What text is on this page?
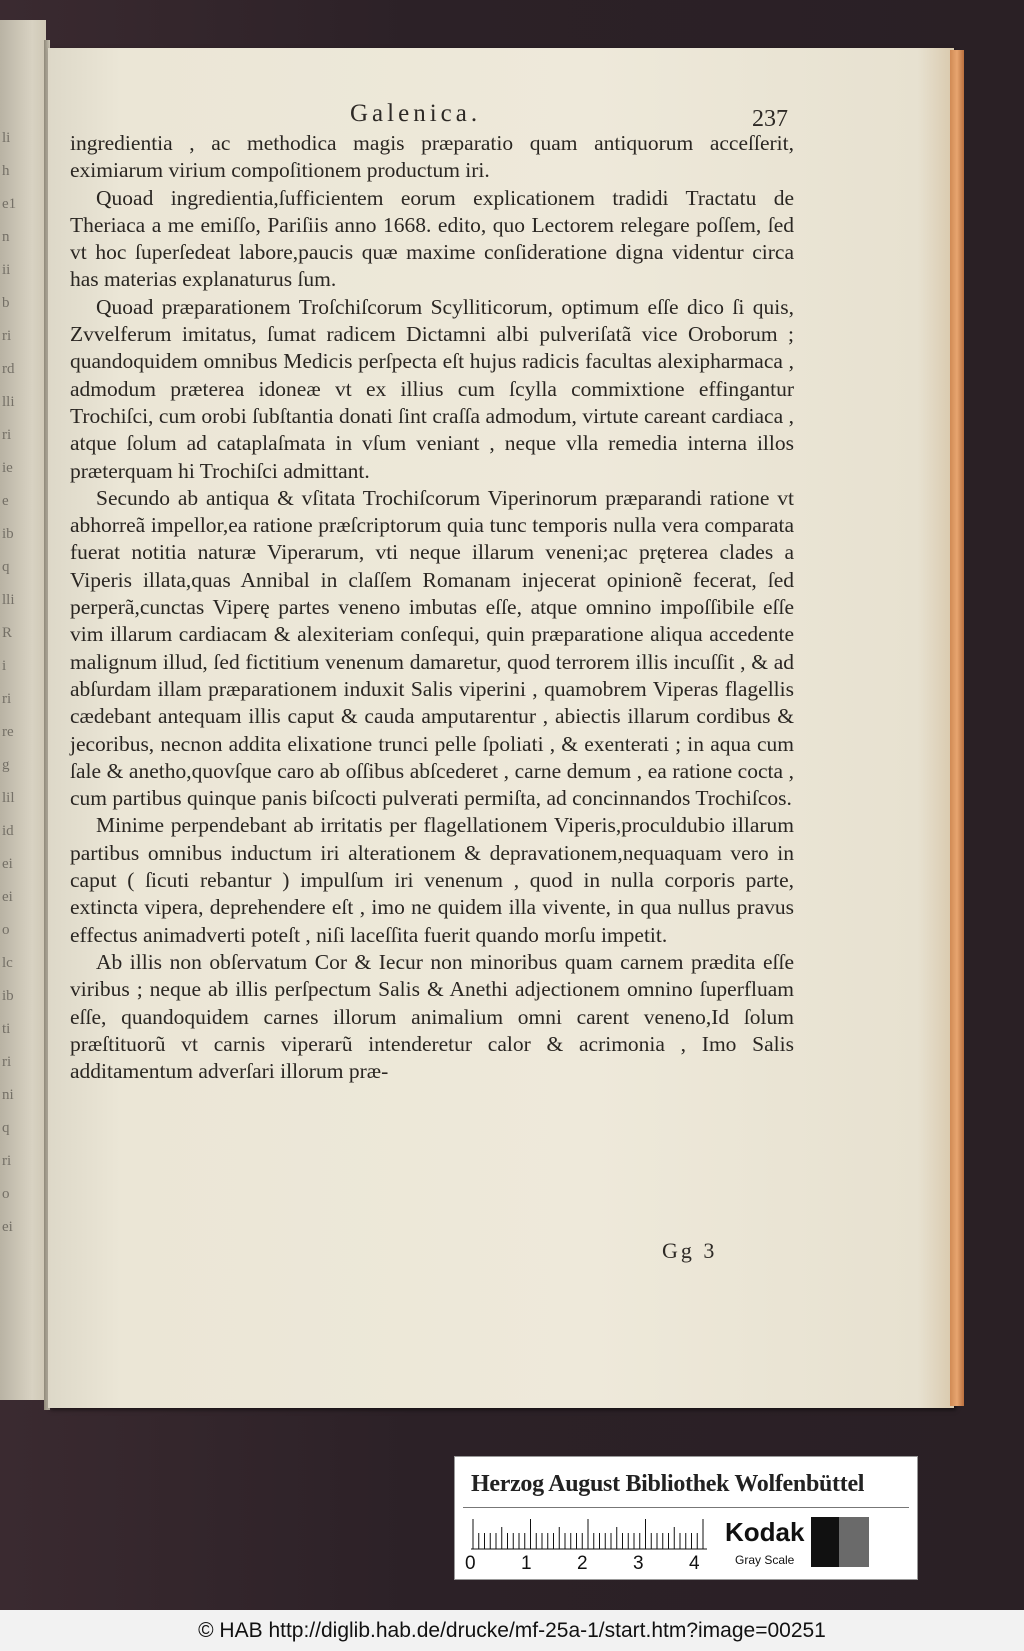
li
h
e1
n
ii
b
ri
rd
lli
ri
ie
e
ib
q
lli
R
i
ri
re
g
lil
id
ei
ei
o
lc
ib
ti
ri
ni
q
ri
o
ei
Galenica.	237

ingredientia , ac methodica magis præparatio quam antiquorum acceſſerit, eximiarum virium compoſitionem productum iri.

Quoad ingredientia,ſufficientem eorum explicationem tradidi Tractatu de Theriaca a me emiſſo, Pariſiis anno 1668. edito, quo Lectorem relegare poſſem, ſed vt hoc ſuperſedeat labore,paucis quæ maxime conſideratione digna videntur circa has materias explanaturus ſum.

Quoad præparationem Troſchiſcorum Scylliticorum, optimum eſſe dico ſi quis, Zvvelferum imitatus, ſumat radicem Dictamni albi pulveriſatã vice Oroborum ; quandoquidem omnibus Medicis perſpecta eſt hujus radicis facultas alexipharmaca , admodum præterea idoneæ vt ex illius cum ſcylla commixtione effingantur Trochiſci, cum orobi ſubſtantia donati ſint craſſa admodum, virtute careant cardiaca , atque ſolum ad cataplaſmata in vſum veniant , neque vlla remedia interna illos præterquam hi Trochiſci admittant.

Secundo ab antiqua & vſitata Trochiſcorum Viperinorum præparandi ratione vt abhorreã impellor,ea ratione præſcriptorum quia tunc temporis nulla vera comparata fuerat notitia naturæ Viperarum, vti neque illarum veneni;ac pręterea clades a Viperis illata,quas Annibal in claſſem Romanam injecerat opinionẽ fecerat, ſed perperã,cunctas Viperę partes veneno imbutas eſſe, atque omnino impoſſibile eſſe vim illarum cardiacam & alexiteriam conſequi, quin præparatione aliqua accedente malignum illud, ſed fictitium venenum damaretur, quod terrorem illis incuſſit , & ad abſurdam illam præparationem induxit Salis viperini , quamobrem Viperas flagellis cædebant antequam illis caput & cauda amputarentur , abiectis illarum cordibus & jecoribus, necnon addita elixatione trunci pelle ſpoliati , & exenterati ; in aqua cum ſale & anetho,quovſque caro ab oſſibus abſcederet , carne demum , ea ratione cocta , cum partibus quinque panis biſcocti pulverati permiſta, ad concinnandos Trochiſcos.

Minime perpendebant ab irritatis per flagellationem Viperis,proculdubio illarum partibus omnibus inductum iri alterationem & depravationem,nequaquam vero in caput ( ſicuti rebantur ) impulſum iri venenum , quod in nulla corporis parte, extincta vipera, deprehendere eſt , imo ne quidem illa vivente, in qua nullus pravus effectus animadverti poteſt , niſi laceſſita fuerit quando morſu impetit.

Ab illis non obſervatum Cor & Iecur non minoribus quam carnem prædita eſſe viribus ; neque ab illis perſpectum Salis & Anethi adjectionem omnino ſuperfluam eſſe, quandoquidem carnes illorum animalium omni carent veneno,Id ſolum præſtituorũ vt carnis viperarũ intenderetur calor & acrimonia , Imo Salis additamentum adverſari illorum præ-

Gg 3
Herzog August Bibliothek Wolfenbüttel
0 1 2 3 4
Kodak
Gray Scale
© HAB http://diglib.hab.de/drucke/mf-25a-1/start.htm?image=00251
